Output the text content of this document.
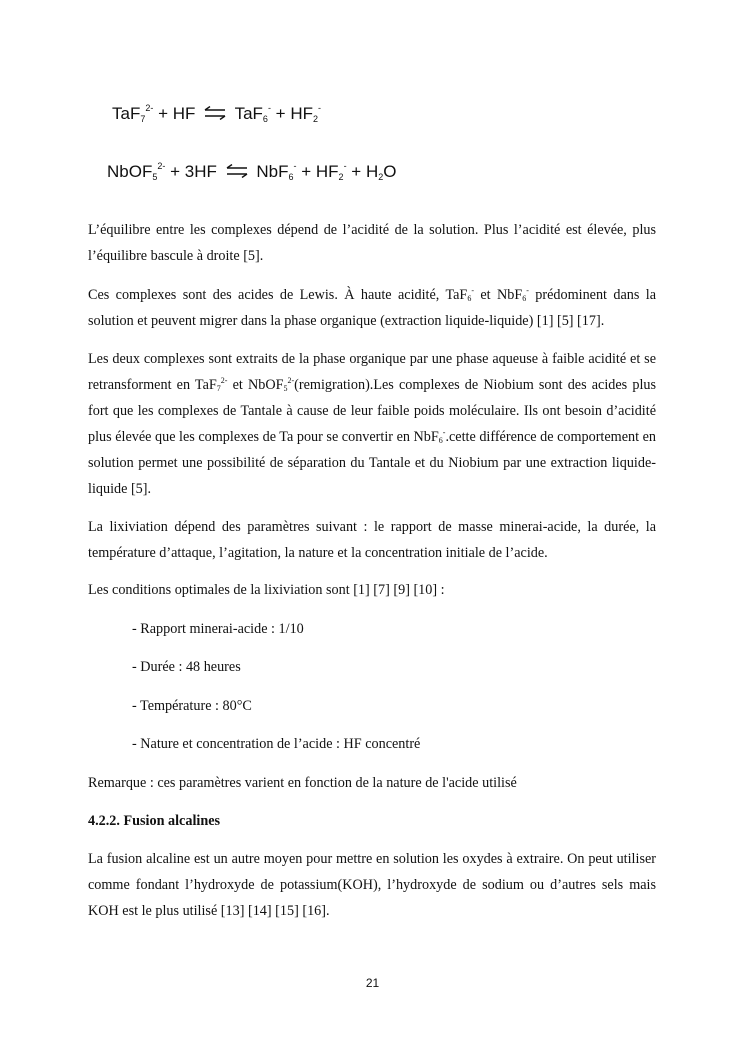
TaF$_7^{2-}$ + HF ⇌ $TaF_6^- + HF_2^-$
NbOF$_5^{2-}$ + 3HF ⇌ $NbF_6^- + HF_2^- + H_2O$

L’équilibre entre les complexes dépend de l’acidité de la solution. Plus l’acidité est élevée, plus l’équilibre bascule à droite [5].

Ces complexes sont des acides de Lewis. À haute acidité, TaF$_6$- et NbF$_6$- prédominent dans la solution et peuvent migrer dans la phase organique (extraction liquide-liquide) [1] [5] [17].

Les deux complexes sont extraits de la phase organique par une phase aqueuse à faible acidité et se retransforment en TaF$_7^{2-}$ et NbOF$_5^{2-}$(remigration).Les complexes de Niobium sont des acides plus fort que les complexes de Tantale à cause de leur faible poids moléculaire. Ils ont besoin d’acidité plus élevée que les complexes de Ta pour se convertir en NbF$_6$-.cette différence de comportement en solution permet une possibilité de séparation du Tantale et du Niobium par une extraction liquide-liquide [5].

La lixiviation dépend des paramètres suivant : le rapport de masse minerai-acide, la durée, la température d’attaque, l’agitation, la nature et la concentration initiale de l’acide.

Les conditions optimales de la lixiviation sont [1] [7] [9] [10] :
- Rapport minerai-acide : 1/10
- Durée : 48 heures
- Température : 80°C
- Nature et concentration de l’acide : HF concentré
Remarque : ces paramètres varient en fonction de la nature de l'acide utilisé
4.2.2. Fusion alcalines

La fusion alcaline est un autre moyen pour mettre en solution les oxydes à extraire. On peut utiliser comme fondant l’hydroxyde de potassium(KOH), l’hydroxyde de sodium ou d’autres sels mais KOH est le plus utilisé [13] [14] [15] [16].

21
